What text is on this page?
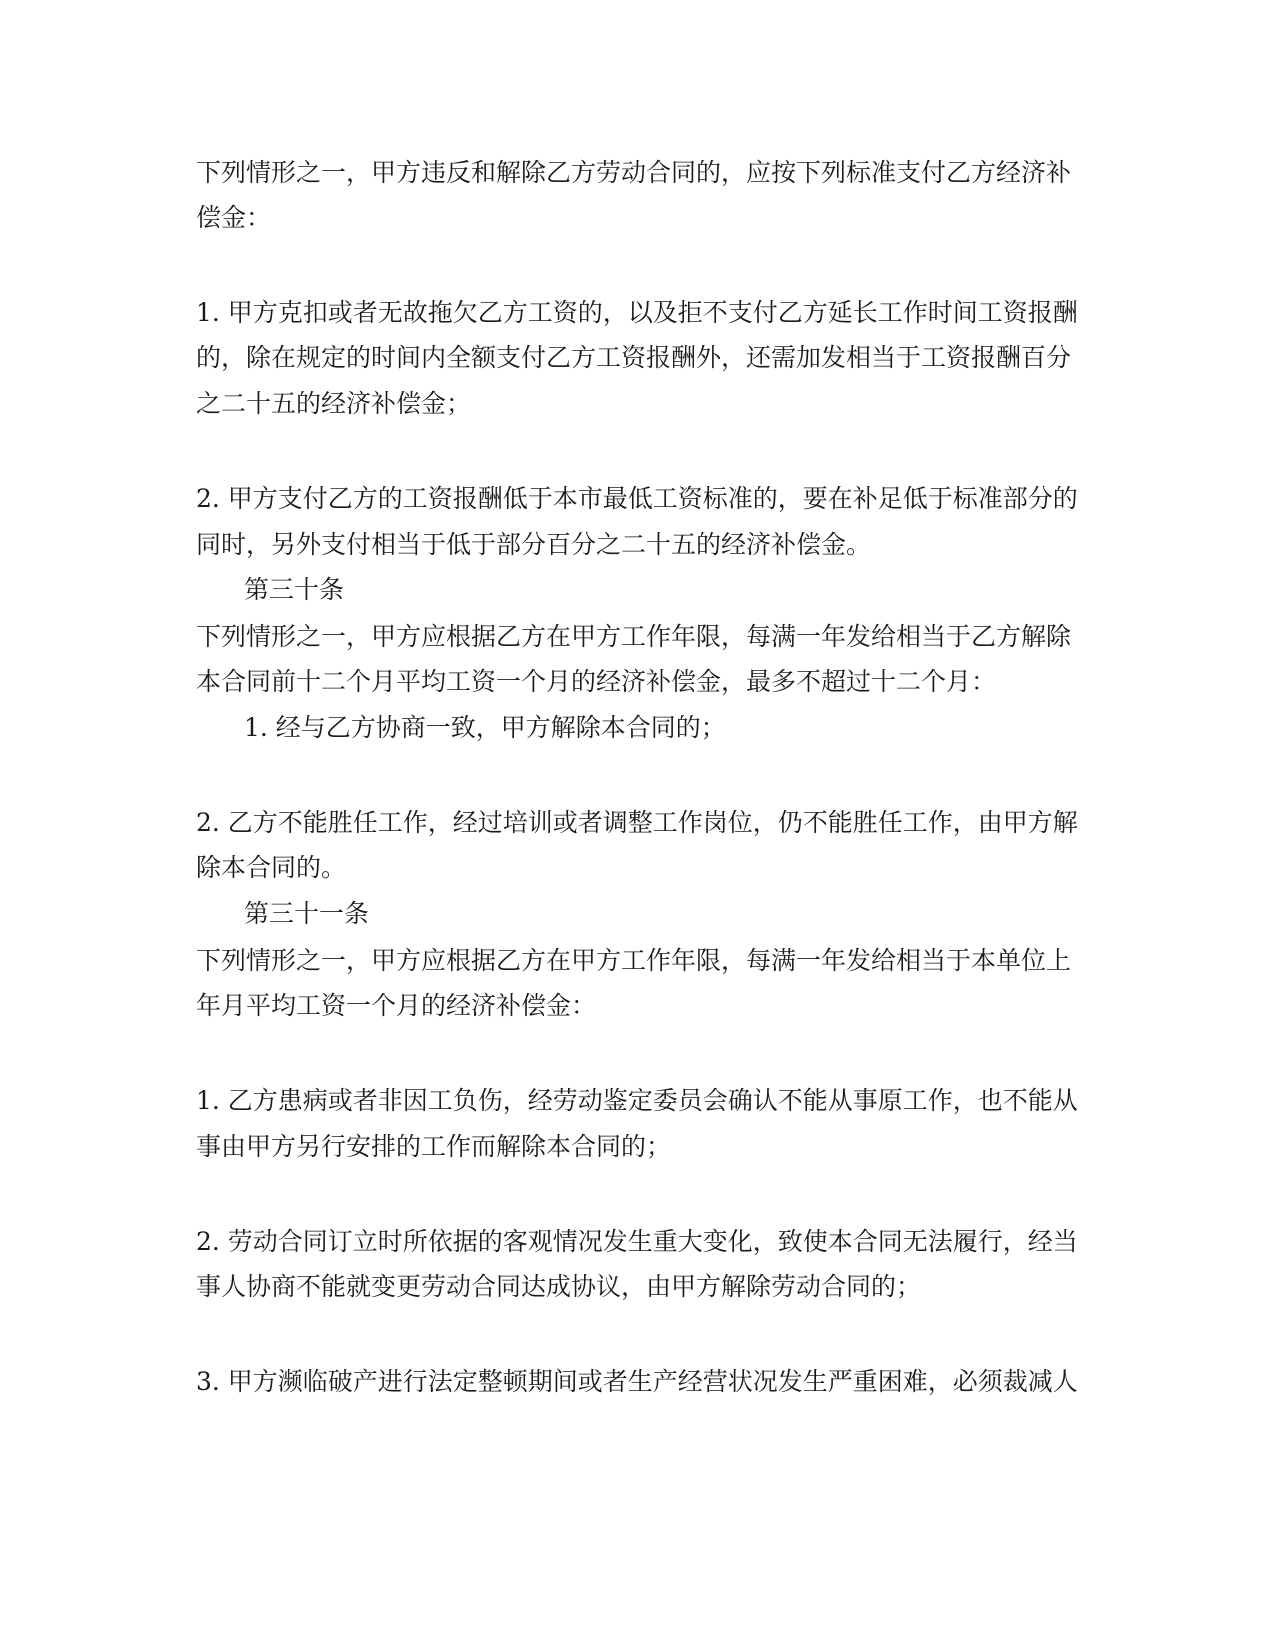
下列情形之一，甲方违反和解除乙方劳动合同的，应按下列标准支付乙方经济补
偿金：
1. 甲方克扣或者无故拖欠乙方工资的，以及拒不支付乙方延长工作时间工资报酬
的，除在规定的时间内全额支付乙方工资报酬外，还需加发相当于工资报酬百分
之二十五的经济补偿金；
2. 甲方支付乙方的工资报酬低于本市最低工资标准的，要在补足低于标准部分的
同时，另外支付相当于低于部分百分之二十五的经济补偿金。
第三十条
下列情形之一，甲方应根据乙方在甲方工作年限，每满一年发给相当于乙方解除
本合同前十二个月平均工资一个月的经济补偿金，最多不超过十二个月：
1. 经与乙方协商一致，甲方解除本合同的；
2. 乙方不能胜任工作，经过培训或者调整工作岗位，仍不能胜任工作，由甲方解
除本合同的。
第三十一条
下列情形之一，甲方应根据乙方在甲方工作年限，每满一年发给相当于本单位上
年月平均工资一个月的经济补偿金：
1. 乙方患病或者非因工负伤，经劳动鉴定委员会确认不能从事原工作，也不能从
事由甲方另行安排的工作而解除本合同的；
2. 劳动合同订立时所依据的客观情况发生重大变化，致使本合同无法履行，经当
事人协商不能就变更劳动合同达成协议，由甲方解除劳动合同的；
3. 甲方濒临破产进行法定整顿期间或者生产经营状况发生严重困难，必须裁减人
